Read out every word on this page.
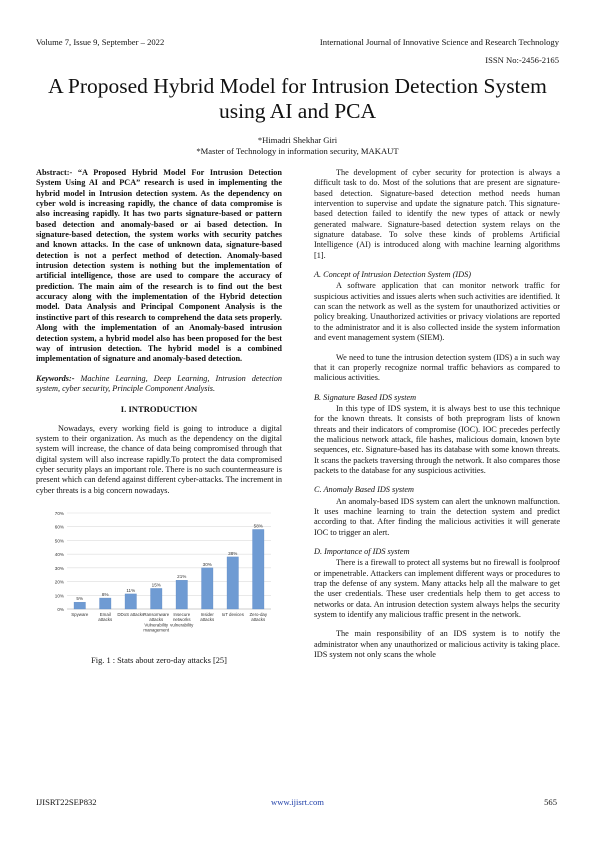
Volume 7, Issue 9, September – 2022	International Journal of Innovative Science and Research Technology
ISSN No:-2456-2165
A Proposed Hybrid Model for Intrusion Detection System using AI and PCA
*Himadri Shekhar Giri
*Master of Technology in information security, MAKAUT

Abstract:- “A Proposed Hybrid Model For Intrusion Detection System Using AI and PCA” research is used in implementing the hybrid model in Intrusion detection system. As the dependency on cyber wold is increasing rapidly, the chance of data compromise is also increasing rapidly. It has two parts signature-based or pattern based detection and anomaly-based or ai based detection. In signature-based detection, the system works with security patches and known attacks. In the case of unknown data, signature-based detection is not a perfect method of detection. Anomaly-based intrusion detection system is nothing but the implementation of artificial intelligence, those are used to compare the accuracy of prediction. The main aim of the research is to find out the best accuracy along with the implementation of the Hybrid detection model. Data Analysis and Principal Component Analysis is the instinctive part of this research to comprehend the data sets properly. Along with the implementation of an Anomaly-based intrusion detection system, a hybrid model also has been proposed for the best way of intrusion detection. The hybrid model is a combined implementation of signature and anomaly-based detection.

Keywords:- Machine Learning, Deep Learning, Intrusion detection system, cyber security, Principle Component Analysis.

I. INTRODUCTION

Nowadays, every working field is going to introduce a digital system to their organization. As much as the dependency on the digital system will increase, the chance of data being compromised through that digital system will also increase rapidly.To protect the data compromised cyber security plays an important role. There is no such countermeasure is present which can defend against different cyber-attacks. The increment in cyber threats is a big concern nowadays.

0%
10%
20%
30%
40%
50%
60%
70%
5%
Spyware
8%
Email
attacks
11%
DDoS attacks
15%
Ransomware
attacks
Vulnerability
management
21%
Insecure
networks
vulnerability
30%
Insider
attacks
38%
IoT devices
58%
Zero-day
attacks
Fig. 1 : Stats about zero-day attacks [25]

The development of cyber security for protection is always a difficult task to do. Most of the solutions that are present are signature-based detection. Signature-based detection method needs human intervention to supervise and update the signature patch. This signature-based detection failed to identify the new types of attack or newly generated malware. Signature-based detection system relays on the signature database. To solve these kinds of problems Artificial Intelligence (AI) is introduced along with machine learning algorithms [1].

A. Concept of Intrusion Detection System (IDS)

A software application that can monitor network traffic for suspicious activities and issues alerts when such activities are identified. It can scan the network as well as the system for unauthorized activities or policy breaking. Unauthorized activities or privacy violations are reported to the administrator and it is also collected inside the system information and event management system (SIEM).

We need to tune the intrusion detection system (IDS) a in such way that it can properly recognize normal traffic behaviors as compared to malicious activities.

B. Signature Based IDS system

In this type of IDS system, it is always best to use this technique for the known threats. It consists of both preprogram lists of known threats and their indicators of compromise (IOC). IOC precedes perfectly the malicious network attack, file hashes, malicious domain, known byte sequences, etc. Signature-based has its database with some known threats. It scans the packets traversing through the network. It also compares those packets to the database for any suspicious activities.

C. Anomaly Based IDS system

An anomaly-based IDS system can alert the unknown malfunction. It uses machine learning to train the detection system and predict according to that. After finding the malicious activities it will generate IOC to trigger an alert.

D. Importance of IDS system

There is a firewall to protect all systems but no firewall is foolproof or impenetrable. Attackers can implement different ways or procedures to trap the defense of any system. Many attacks help all the malware to get the user credentials. These user credentials help them to get access to networks or data. An intrusion detection system always helps the security system to identify any malicious traffic present in the network.

The main responsibility of an IDS system is to notify the administrator when any unauthorized or malicious activity is taking place. IDS system not only scans the whole

IJISRT22SEP832	www.ijisrt.com	565
